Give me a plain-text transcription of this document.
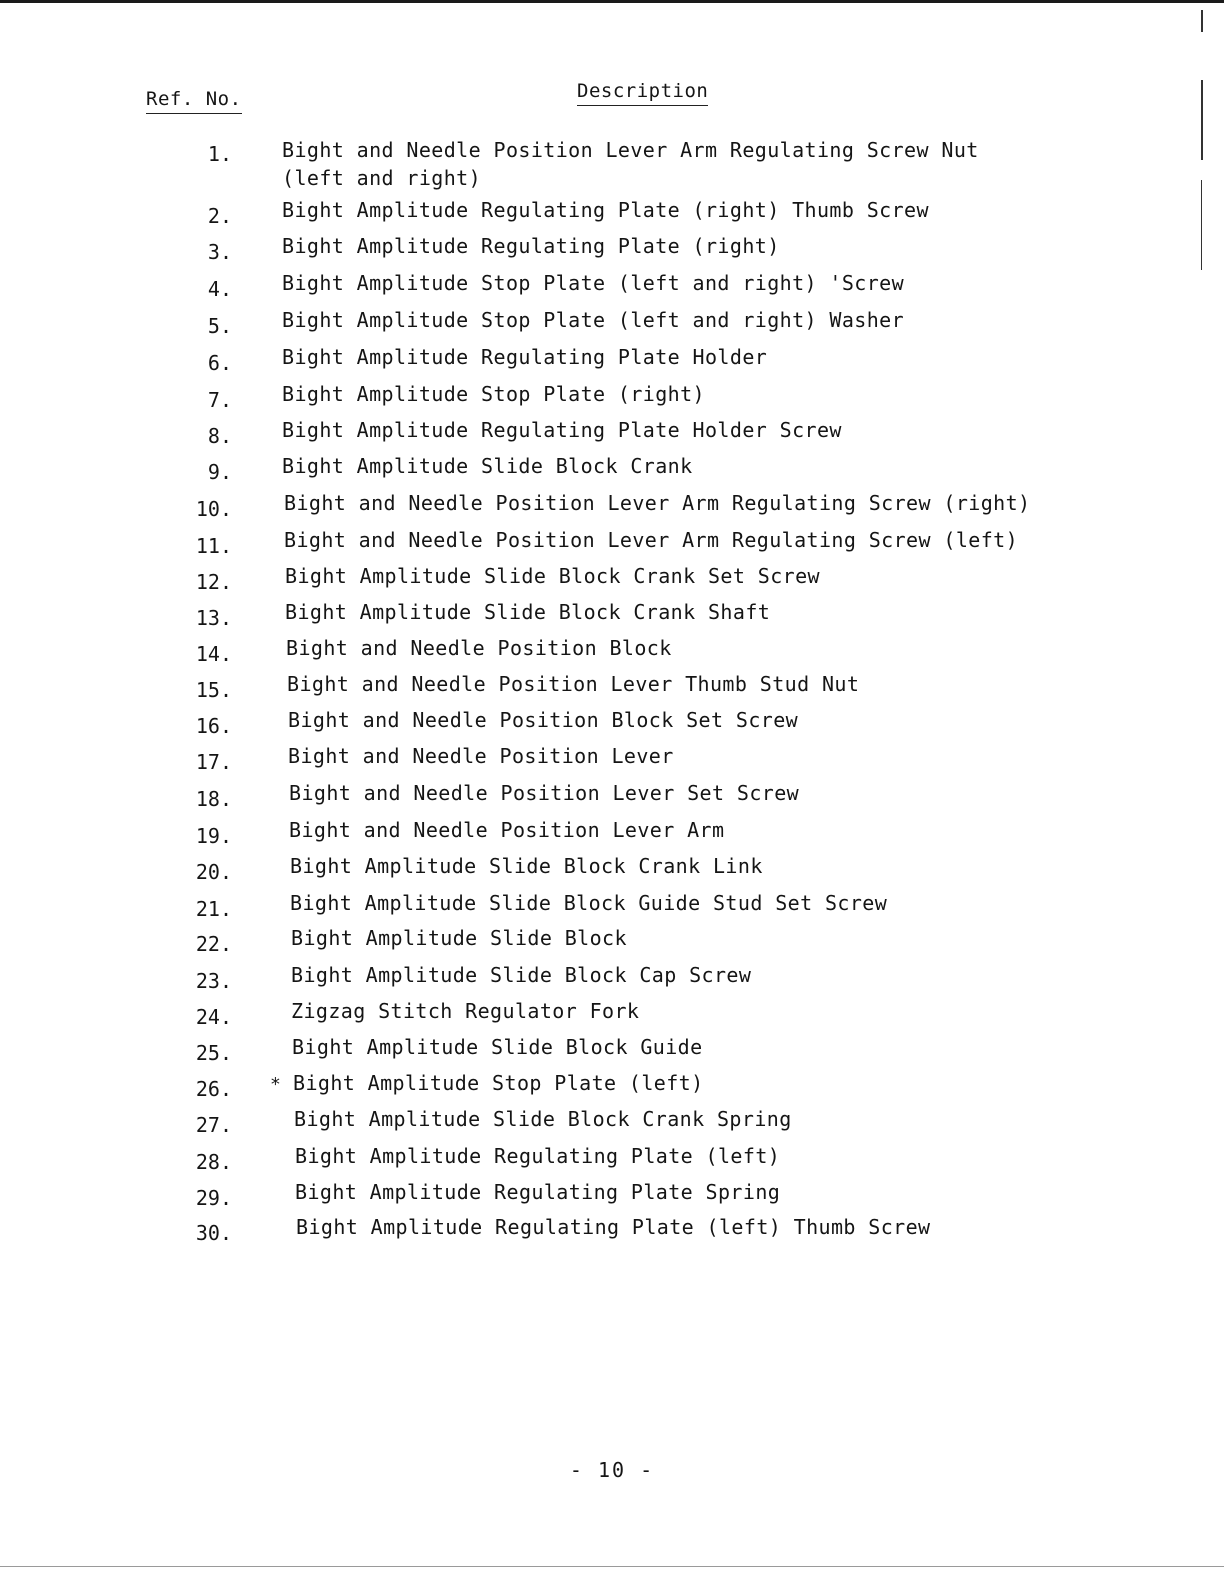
Ref. No.	Description
1.	Bight and Needle Position Lever Arm Regulating Screw Nut (left and right)
2.	Bight Amplitude Regulating Plate (right) Thumb Screw
3.	Bight Amplitude Regulating Plate (right)
4.	Bight Amplitude Stop Plate (left and right) 'Screw
5.	Bight Amplitude Stop Plate (left and right) Washer
6.	Bight Amplitude Regulating Plate Holder
7.	Bight Amplitude Stop Plate (right)
8.	Bight Amplitude Regulating Plate Holder Screw
9.	Bight Amplitude Slide Block Crank
10.	Bight and Needle Position Lever Arm Regulating Screw (right)
11.	Bight and Needle Position Lever Arm Regulating Screw (left)
12.	Bight Amplitude Slide Block Crank Set Screw
13.	Bight Amplitude Slide Block Crank Shaft
14.	Bight and Needle Position Block
15.	Bight and Needle Position Lever Thumb Stud Nut
16.	Bight and Needle Position Block Set Screw
17.	Bight and Needle Position Lever
18.	Bight and Needle Position Lever Set Screw
19.	Bight and Needle Position Lever Arm
20.	Bight Amplitude Slide Block Crank Link
21.	Bight Amplitude Slide Block Guide Stud Set Screw
22.	Bight Amplitude Slide Block
23.	Bight Amplitude Slide Block Cap Screw
24.	Zigzag Stitch Regulator Fork
25.	Bight Amplitude Slide Block Guide
26. * Bight Amplitude Stop Plate (left)
27.	Bight Amplitude Slide Block Crank Spring
28.	Bight Amplitude Regulating Plate (left)
29.	Bight Amplitude Regulating Plate Spring
30.	Bight Amplitude Regulating Plate (left) Thumb Screw
- 10 -
